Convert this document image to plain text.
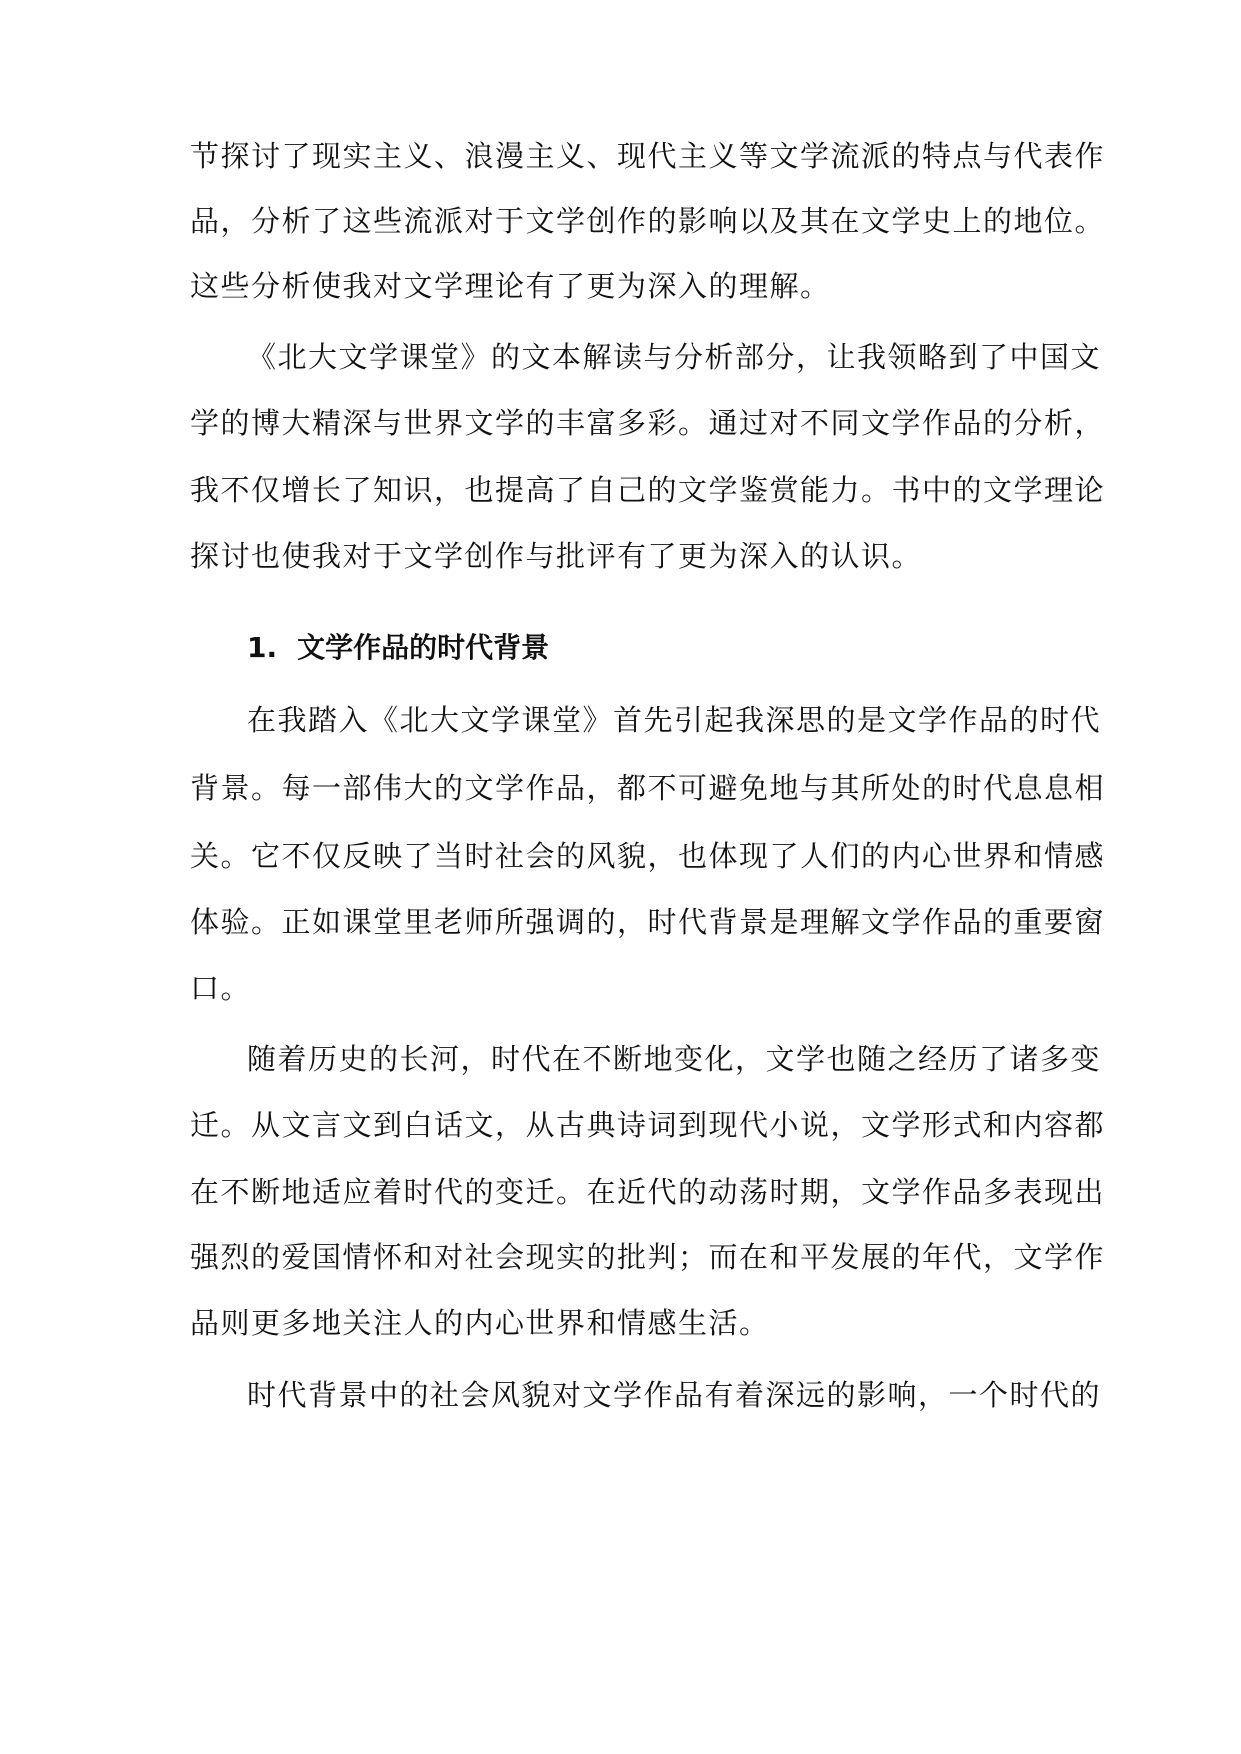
节探讨了现实主义、浪漫主义、现代主义等文学流派的特点与代表作
品，分析了这些流派对于文学创作的影响以及其在文学史上的地位。
这些分析使我对文学理论有了更为深入的理解。
《北大文学课堂》的文本解读与分析部分，让我领略到了中国文
学的博大精深与世界文学的丰富多彩。通过对不同文学作品的分析，
我不仅增长了知识，也提高了自己的文学鉴赏能力。书中的文学理论
探讨也使我对于文学创作与批评有了更为深入的认识。
1. 文学作品的时代背景
在我踏入《北大文学课堂》首先引起我深思的是文学作品的时代
背景。每一部伟大的文学作品，都不可避免地与其所处的时代息息相
关。它不仅反映了当时社会的风貌，也体现了人们的内心世界和情感
体验。正如课堂里老师所强调的，时代背景是理解文学作品的重要窗
口。
随着历史的长河，时代在不断地变化，文学也随之经历了诸多变
迁。从文言文到白话文，从古典诗词到现代小说，文学形式和内容都
在不断地适应着时代的变迁。在近代的动荡时期，文学作品多表现出
强烈的爱国情怀和对社会现实的批判；而在和平发展的年代，文学作
品则更多地关注人的内心世界和情感生活。
时代背景中的社会风貌对文学作品有着深远的影响，一个时代的
